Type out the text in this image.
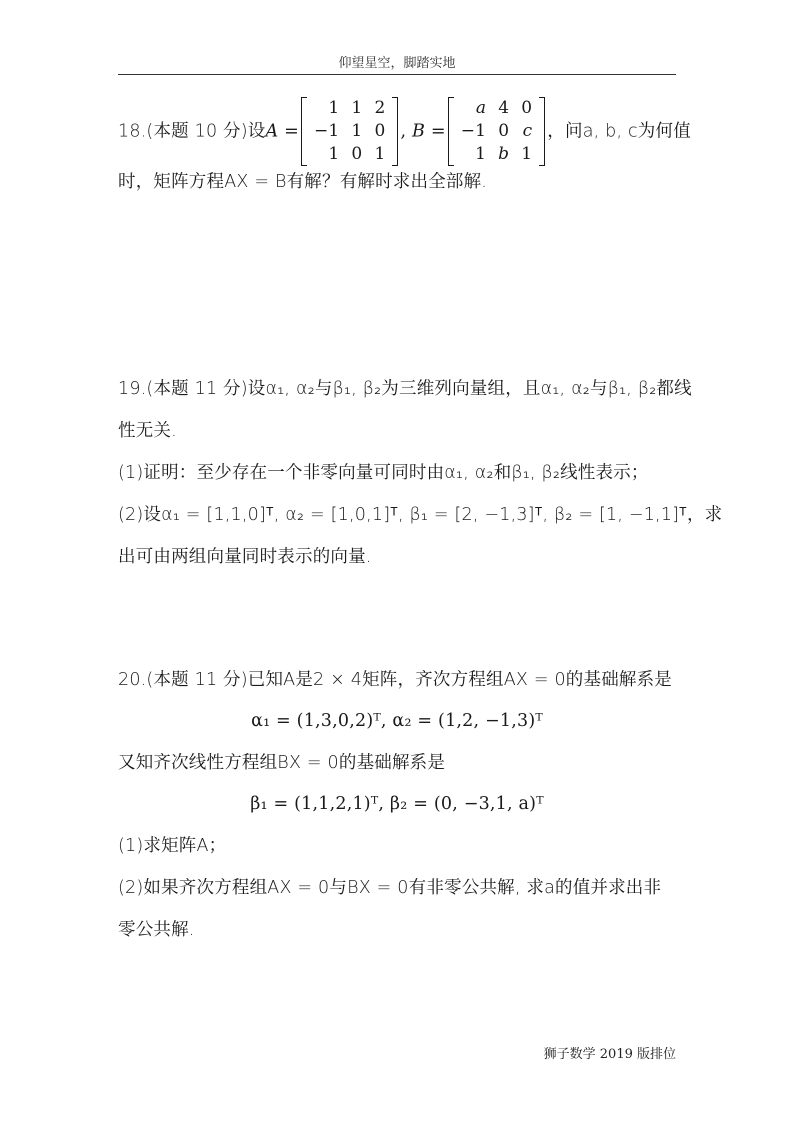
仰望星空，脚踏实地
18.(本题 10 分)设A =
1	1	2
−1	1	0
1	0	1
, B =
a	4	0
−1	0	c
1	b	1
，问a, b, c为何值
时，矩阵方程AX = B有解？有解时求出全部解.
19.(本题 11 分)设α₁, α₂与β₁, β₂为三维列向量组，且α₁, α₂与β₁, β₂都线
性无关.
(1)证明：至少存在一个非零向量可同时由α₁, α₂和β₁, β₂线性表示；
(2)设α₁ = [1,1,0]ᵀ, α₂ = [1,0,1]ᵀ, β₁ = [2, −1,3]ᵀ, β₂ = [1, −1,1]ᵀ，求
出可由两组向量同时表示的向量.
20.(本题 11 分)已知A是2 × 4矩阵，齐次方程组AX = 0的基础解系是
α₁ = (1,3,0,2)ᵀ, α₂ = (1,2, −1,3)ᵀ
又知齐次线性方程组BX = 0的基础解系是
β₁ = (1,1,2,1)ᵀ, β₂ = (0, −3,1, a)ᵀ
(1)求矩阵A；
(2)如果齐次方程组AX = 0与BX = 0有非零公共解, 求a的值并求出非
零公共解.
狮子数学 2019 版排位
